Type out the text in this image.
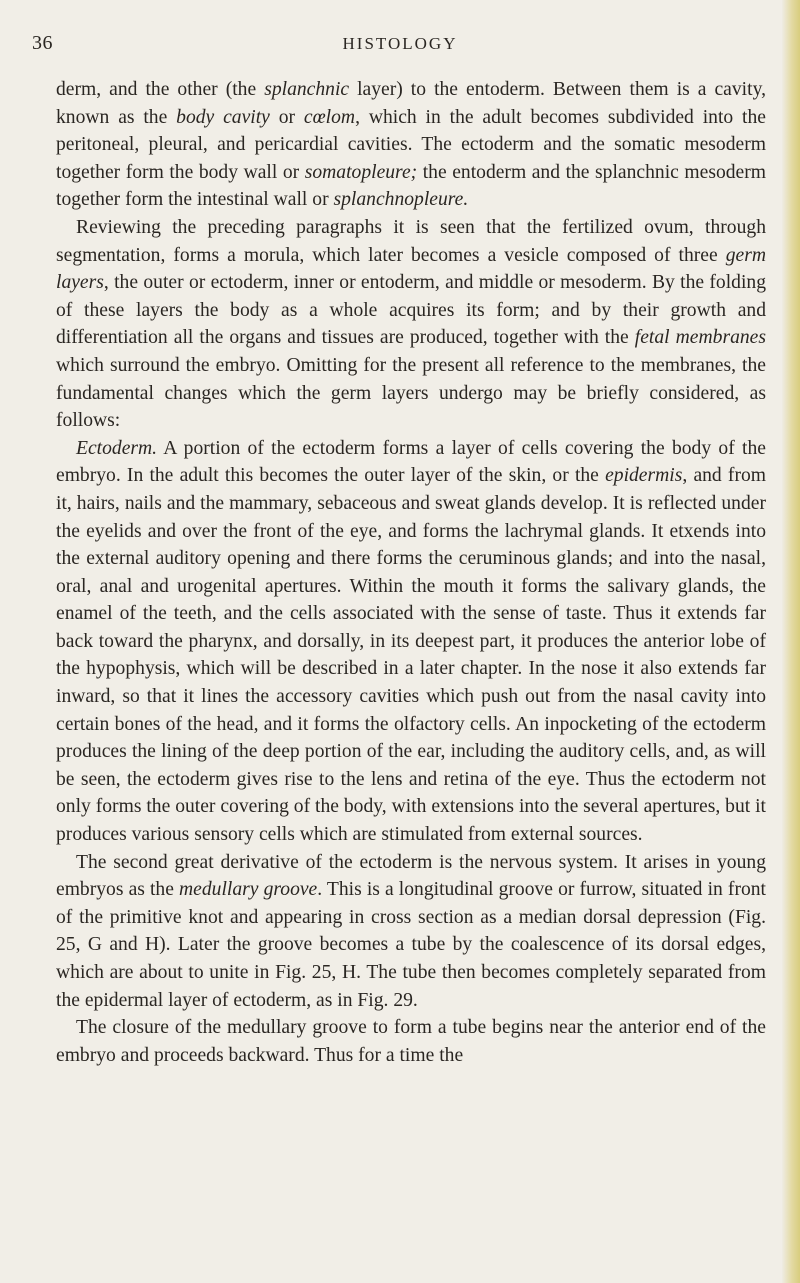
36	HISTOLOGY

derm, and the other (the splanchnic layer) to the entoderm. Between them is a cavity, known as the body cavity or cœlom, which in the adult becomes subdivided into the peritoneal, pleural, and pericardial cavities. The ectoderm and the somatic mesoderm together form the body wall or somatopleure; the entoderm and the splanchnic mesoderm together form the intestinal wall or splanchnopleure.

Reviewing the preceding paragraphs it is seen that the fertilized ovum, through segmentation, forms a morula, which later becomes a vesicle composed of three germ layers, the outer or ectoderm, inner or entoderm, and middle or mesoderm. By the folding of these layers the body as a whole acquires its form; and by their growth and differentiation all the organs and tissues are produced, together with the fetal membranes which surround the embryo. Omitting for the present all reference to the membranes, the fundamental changes which the germ layers undergo may be briefly considered, as follows:

Ectoderm. A portion of the ectoderm forms a layer of cells covering the body of the embryo. In the adult this becomes the outer layer of the skin, or the epidermis, and from it, hairs, nails and the mammary, sebaceous and sweat glands develop. It is reflected under the eyelids and over the front of the eye, and forms the lachrymal glands. It etxends into the external auditory opening and there forms the ceruminous glands; and into the nasal, oral, anal and urogenital apertures. Within the mouth it forms the salivary glands, the enamel of the teeth, and the cells associated with the sense of taste. Thus it extends far back toward the pharynx, and dorsally, in its deepest part, it produces the anterior lobe of the hypophysis, which will be described in a later chapter. In the nose it also extends far inward, so that it lines the accessory cavities which push out from the nasal cavity into certain bones of the head, and it forms the olfactory cells. An inpocketing of the ectoderm produces the lining of the deep portion of the ear, including the auditory cells, and, as will be seen, the ectoderm gives rise to the lens and retina of the eye. Thus the ectoderm not only forms the outer covering of the body, with extensions into the several apertures, but it produces various sensory cells which are stimulated from external sources.

The second great derivative of the ectoderm is the nervous system. It arises in young embryos as the medullary groove. This is a longitudinal groove or furrow, situated in front of the primitive knot and appearing in cross section as a median dorsal depression (Fig. 25, G and H). Later the groove becomes a tube by the coalescence of its dorsal edges, which are about to unite in Fig. 25, H. The tube then becomes completely separated from the epidermal layer of ectoderm, as in Fig. 29.

The closure of the medullary groove to form a tube begins near the anterior end of the embryo and proceeds backward. Thus for a time the
